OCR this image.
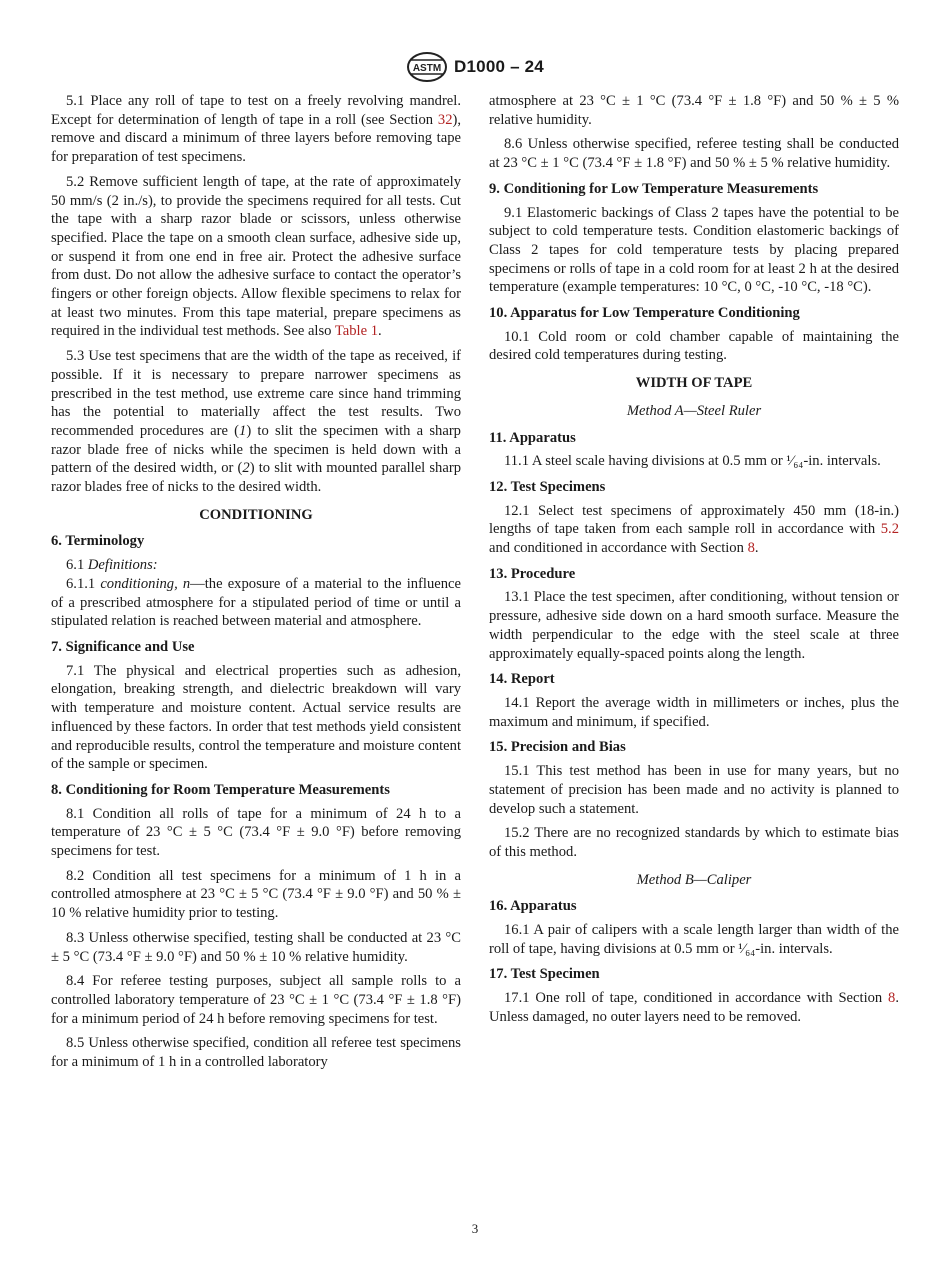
ASTM D1000 – 24

5.1 Place any roll of tape to test on a freely revolving mandrel. Except for determination of length of tape in a roll (see Section 32), remove and discard a minimum of three layers before removing tape for preparation of test specimens.

5.2 Remove sufficient length of tape, at the rate of approximately 50 mm/s (2 in./s), to provide the specimens required for all tests. Cut the tape with a sharp razor blade or scissors, unless otherwise specified. Place the tape on a smooth clean surface, adhesive side up, or suspend it from one end in free air. Protect the adhesive surface from dust. Do not allow the adhesive surface to contact the operator’s fingers or other foreign objects. Allow flexible specimens to relax for at least two minutes. From this tape material, prepare specimens as required in the individual test methods. See also Table 1.

5.3 Use test specimens that are the width of the tape as received, if possible. If it is necessary to prepare narrower specimens as prescribed in the test method, use extreme care since hand trimming has the potential to materially affect the test results. Two recommended procedures are (1) to slit the specimen with a sharp razor blade free of nicks while the specimen is held down with a pattern of the desired width, or (2) to slit with mounted parallel sharp razor blades free of nicks to the desired width.

CONDITIONING
6. Terminology

6.1 Definitions:

6.1.1 conditioning, n—the exposure of a material to the influence of a prescribed atmosphere for a stipulated period of time or until a stipulated relation is reached between material and atmosphere.

7. Significance and Use

7.1 The physical and electrical properties such as adhesion, elongation, breaking strength, and dielectric breakdown will vary with temperature and moisture content. Actual service results are influenced by these factors. In order that test methods yield consistent and reproducible results, control the temperature and moisture content of the sample or specimen.

8. Conditioning for Room Temperature Measurements

8.1 Condition all rolls of tape for a minimum of 24 h to a temperature of 23 °C ± 5 °C (73.4 °F ± 9.0 °F) before removing specimens for test.

8.2 Condition all test specimens for a minimum of 1 h in a controlled atmosphere at 23 °C ± 5 °C (73.4 °F ± 9.0 °F) and 50 % ± 10 % relative humidity prior to testing.

8.3 Unless otherwise specified, testing shall be conducted at 23 °C ± 5 °C (73.4 °F ± 9.0 °F) and 50 % ± 10 % relative humidity.

8.4 For referee testing purposes, subject all sample rolls to a controlled laboratory temperature of 23 °C ± 1 °C (73.4 °F ± 1.8 °F) for a minimum period of 24 h before removing specimens for test.

8.5 Unless otherwise specified, condition all referee test specimens for a minimum of 1 h in a controlled laboratory

atmosphere at 23 °C ± 1 °C (73.4 °F ± 1.8 °F) and 50 % ± 5 % relative humidity.

8.6 Unless otherwise specified, referee testing shall be conducted at 23 °C ± 1 °C (73.4 °F ± 1.8 °F) and 50 % ± 5 % relative humidity.

9. Conditioning for Low Temperature Measurements

9.1 Elastomeric backings of Class 2 tapes have the potential to be subject to cold temperature tests. Condition elastomeric backings of Class 2 tapes for cold temperature tests by placing prepared specimens or rolls of tape in a cold room for at least 2 h at the desired temperature (example temperatures: 10 °C, 0 °C, -10 °C, -18 °C).

10. Apparatus for Low Temperature Conditioning

10.1 Cold room or cold chamber capable of maintaining the desired cold temperatures during testing.

WIDTH OF TAPE
Method A—Steel Ruler
11. Apparatus

11.1 A steel scale having divisions at 0.5 mm or ¹⁄₆₄-in. intervals.

12. Test Specimens

12.1 Select test specimens of approximately 450 mm (18-in.) lengths of tape taken from each sample roll in accordance with 5.2 and conditioned in accordance with Section 8.

13. Procedure

13.1 Place the test specimen, after conditioning, without tension or pressure, adhesive side down on a hard smooth surface. Measure the width perpendicular to the edge with the steel scale at three approximately equally-spaced points along the length.

14. Report

14.1 Report the average width in millimeters or inches, plus the maximum and minimum, if specified.

15. Precision and Bias

15.1 This test method has been in use for many years, but no statement of precision has been made and no activity is planned to develop such a statement.

15.2 There are no recognized standards by which to estimate bias of this method.

Method B—Caliper
16. Apparatus

16.1 A pair of calipers with a scale length larger than width of the roll of tape, having divisions at 0.5 mm or ¹⁄₆₄-in. intervals.

17. Test Specimen

17.1 One roll of tape, conditioned in accordance with Section 8. Unless damaged, no outer layers need to be removed.

3
